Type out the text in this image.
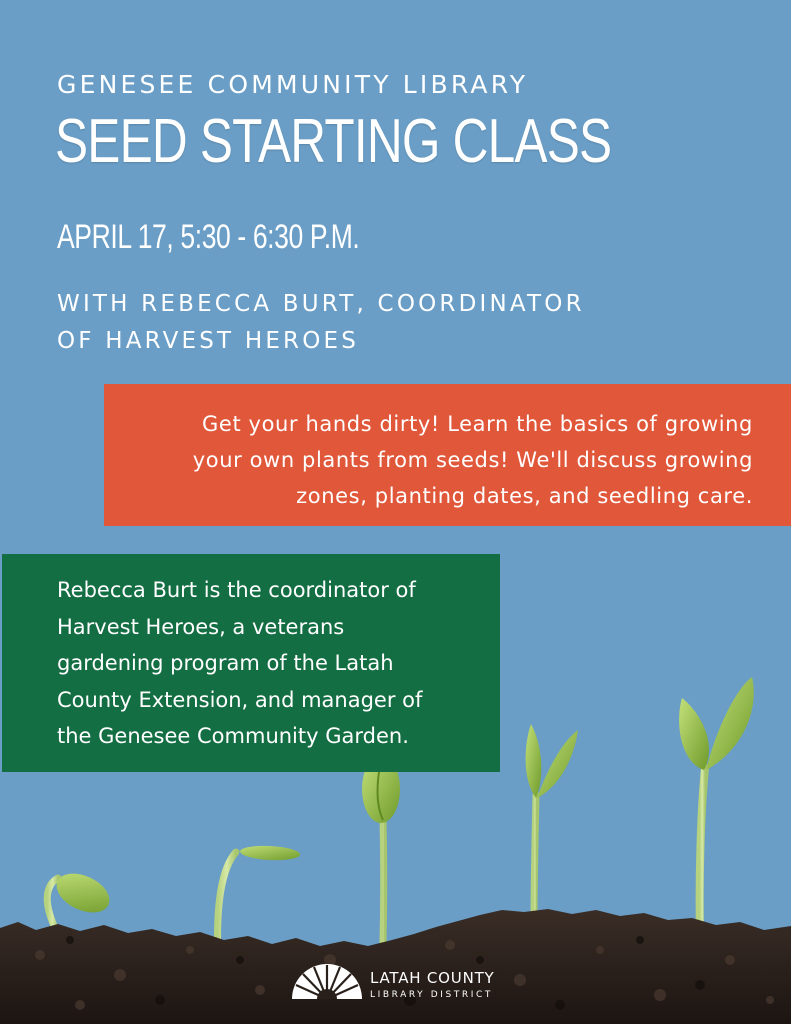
GENESEE COMMUNITY LIBRARY
SEED STARTING CLASS
APRIL 17, 5:30 - 6:30 P.M.
WITH REBECCA BURT, COORDINATOR
OF HARVEST HEROES
Get your hands dirty! Learn the basics of growing
your own plants from seeds! We'll discuss growing
zones, planting dates, and seedling care.
Rebecca Burt is the coordinator of
Harvest Heroes, a veterans
gardening program of the Latah
County Extension, and manager of
the Genesee Community Garden.
LATAH COUNTY
LIBRARY DISTRICT
